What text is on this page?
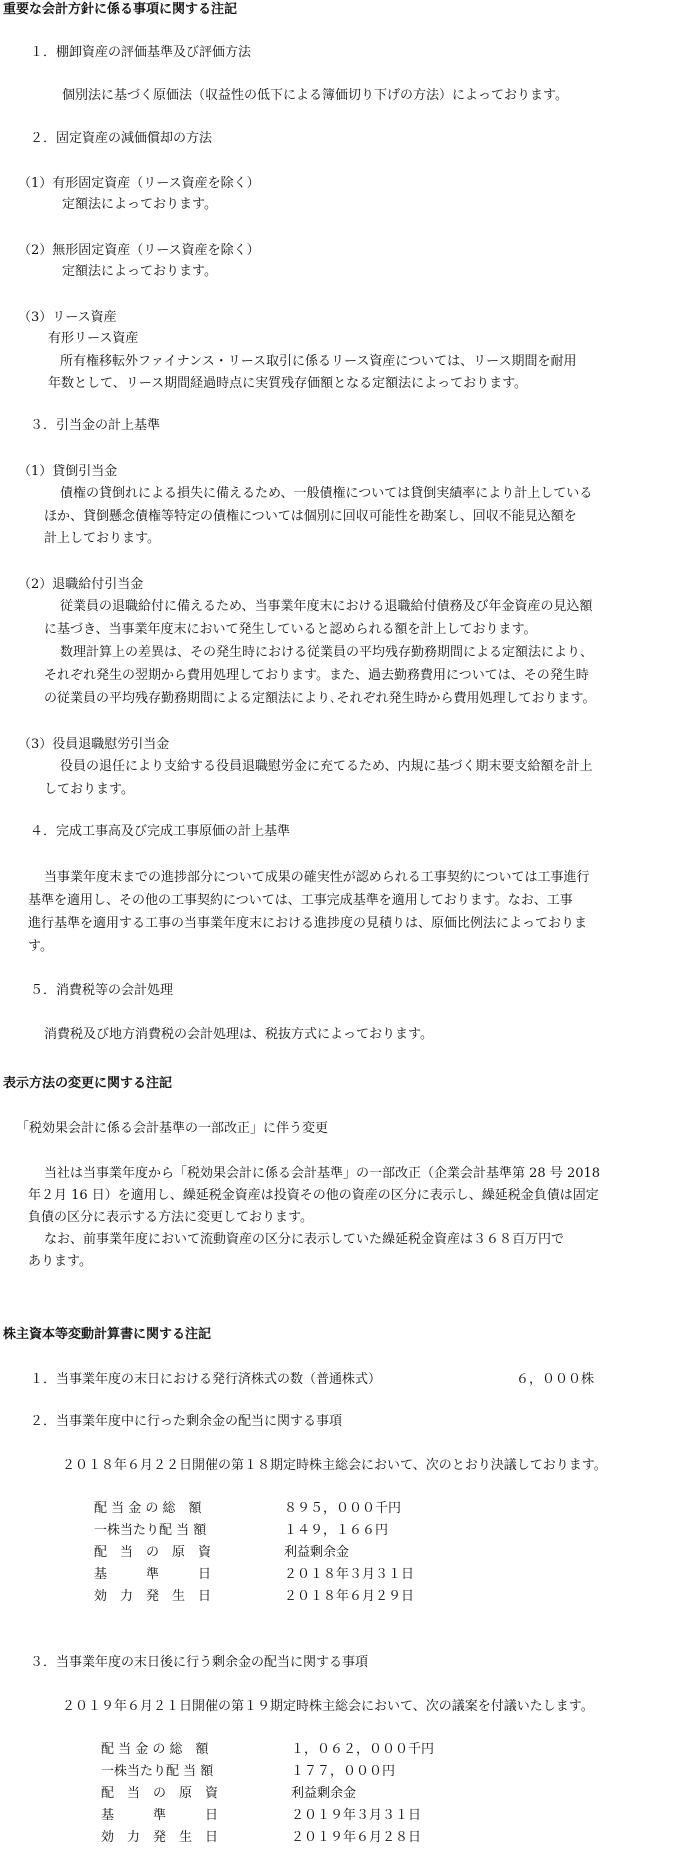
重要な会計方針に係る事項に関する注記
１．棚卸資産の評価基準及び評価方法
個別法に基づく原価法（収益性の低下による簿価切り下げの方法）によっております。
２．固定資産の減価償却の方法
（1）有形固定資産（リース資産を除く）
定額法によっております。
（2）無形固定資産（リース資産を除く）
定額法によっております。
（3）リース資産
有形リース資産
所有権移転外ファイナンス・リース取引に係るリース資産については、リース期間を耐用
年数として、リース期間経過時点に実質残存価額となる定額法によっております。
３．引当金の計上基準
（1）貸倒引当金
債権の貸倒れによる損失に備えるため、一般債権については貸倒実績率により計上している
ほか、貸倒懸念債権等特定の債権については個別に回収可能性を勘案し、回収不能見込額を
計上しております。
（2）退職給付引当金
従業員の退職給付に備えるため、当事業年度末における退職給付債務及び年金資産の見込額
に基づき、当事業年度末において発生していると認められる額を計上しております。
数理計算上の差異は、その発生時における従業員の平均残存勤務期間による定額法により、
それぞれ発生の翌期から費用処理しております。また、過去勤務費用については、その発生時
の従業員の平均残存勤務期間による定額法により､それぞれ発生時から費用処理しております。
（3）役員退職慰労引当金
役員の退任により支給する役員退職慰労金に充てるため、内規に基づく期末要支給額を計上
しております。
４．完成工事高及び完成工事原価の計上基準
当事業年度末までの進捗部分について成果の確実性が認められる工事契約については工事進行
基準を適用し、その他の工事契約については、工事完成基準を適用しております。なお、工事
進行基準を適用する工事の当事業年度末における進捗度の見積りは、原価比例法によっておりま
す。
５．消費税等の会計処理
消費税及び地方消費税の会計処理は、税抜方式によっております。
表示方法の変更に関する注記
「税効果会計に係る会計基準の一部改正」に伴う変更
当社は当事業年度から「税効果会計に係る会計基準」の一部改正（企業会計基準第 28 号 2018
年２月 16 日）を適用し、繰延税金資産は投資その他の資産の区分に表示し、繰延税金負債は固定
負債の区分に表示する方法に変更しております。
なお、前事業年度において流動資産の区分に表示していた繰延税金資産は３６８百万円で
あります。
株主資本等変動計算書に関する注記
１．当事業年度の末日における発行済株式の数（普通株式）	６，０００株
２．当事業年度中に行った剰余金の配当に関する事項
２０１８年６月２２日開催の第１８期定時株主総会において、次のとおり決議しております。
配 当 金 の 総　額	８９５，０００千円
一株当たり配 当 額	１４９，１６６円
配　当　の　原　資	利益剰余金
基　　　準　　　日	２０１８年３月３１日
効　力　発　生　日	２０１８年６月２９日
３．当事業年度の末日後に行う剰余金の配当に関する事項
２０１９年６月２１日開催の第１９期定時株主総会において、次の議案を付議いたします。
配 当 金 の 総　額	１，０６２，０００千円
一株当たり配 当 額	１７７，０００円
配　当　の　原　資	利益剰余金
基　　　準　　　日	２０１９年３月３１日
効　力　発　生　日	２０１９年６月２８日
